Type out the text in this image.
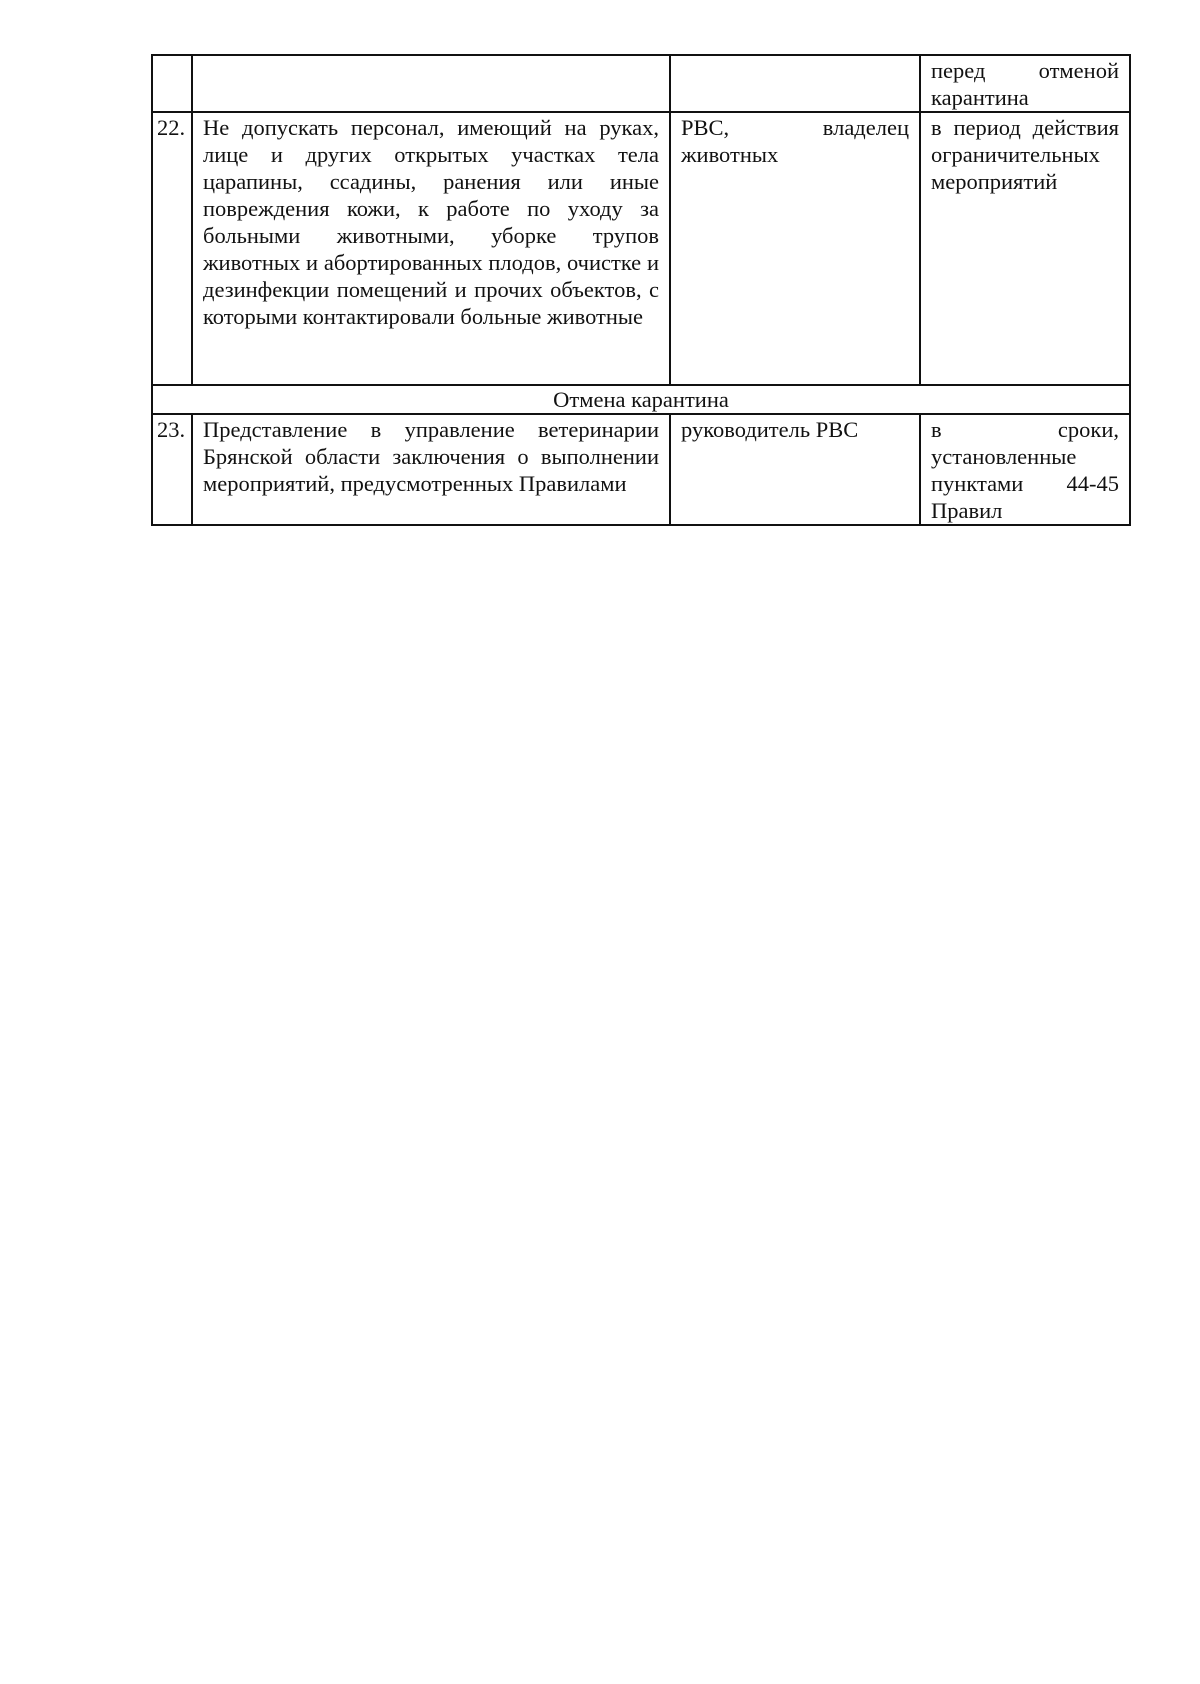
			перед отменой карантина
22.	Не допускать персонал, имеющий на руках, лице и других открытых участках тела царапины, ссадины, ранения или иные повреждения кожи, к работе по уходу за больными животными, уборке трупов животных и абортированных плодов, очистке и дезинфекции помещений и прочих объектов, с которыми контактировали больные животные	РВС, владелец животных	в период действия ограничительных мероприятий
Отмена карантина			
23.	Представление в управление ветеринарии Брянской области заключения о выполнении мероприятий, предусмотренных Правилами	руководитель РВС	в сроки, установленные пунктами 44-45 Правил
